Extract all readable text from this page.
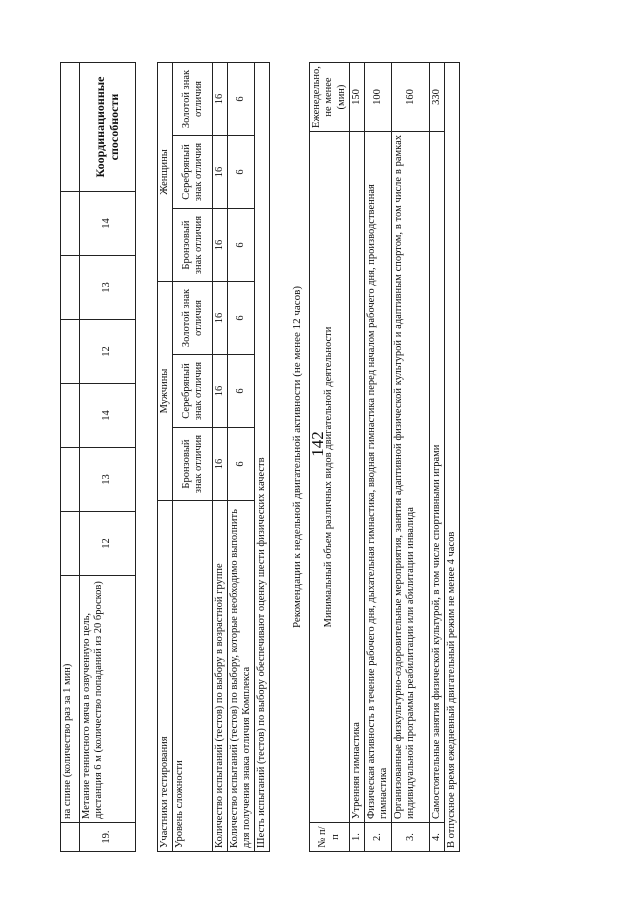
142
	на спине (количество раз за 1 мин)							
19.	Метание теннисного мяча в озвученную цель, дистанция 6 м (количество попаданий из 20 бросков)	12	13	14	12	13	14	Координационные способности
Участники тестирования	Мужчины			Женщины		
Уровень сложности	Бронзовый знак отличия	Серебряный знак отличия	Золотой знак отличия	Бронзовый знак отличия	Серебряный знак отличия	Золотой знак отличия
Количество испытаний (тестов) по выбору в возрастной группе	16	16	16	16	16	16
Количество испытаний (тестов) по выбору, которые необходимо выполнить для получения знака отличия Комплекса	6	6	6	6	6	6
Шесть испытаний (тестов) по выбору обеспечивают оценку шести физических качеств						
Рекомендации к недельной двигательной активности (не менее 12 часов)
№ п/п	Минимальный объем различных видов двигательной деятельности	Еженедельно, не менее (мин)
1.	Утренняя гимнастика	150
2.	Физическая активность в течение рабочего дня, дыхательная гимнастика, вводная гимнастика перед началом рабочего дня, производственная гимнастика	100
3.	Организованные физкультурно-оздоровительные мероприятия, занятия адаптивной физической культурой и адаптивным спортом, в том числе в рамках индивидуальной программы реабилитации или абилитации инвалида	160
4.	Самостоятельные занятия физической культурой, в том числе спортивными играми	330
В отпускное время ежедневный двигательный режим не менее 4 часов		
